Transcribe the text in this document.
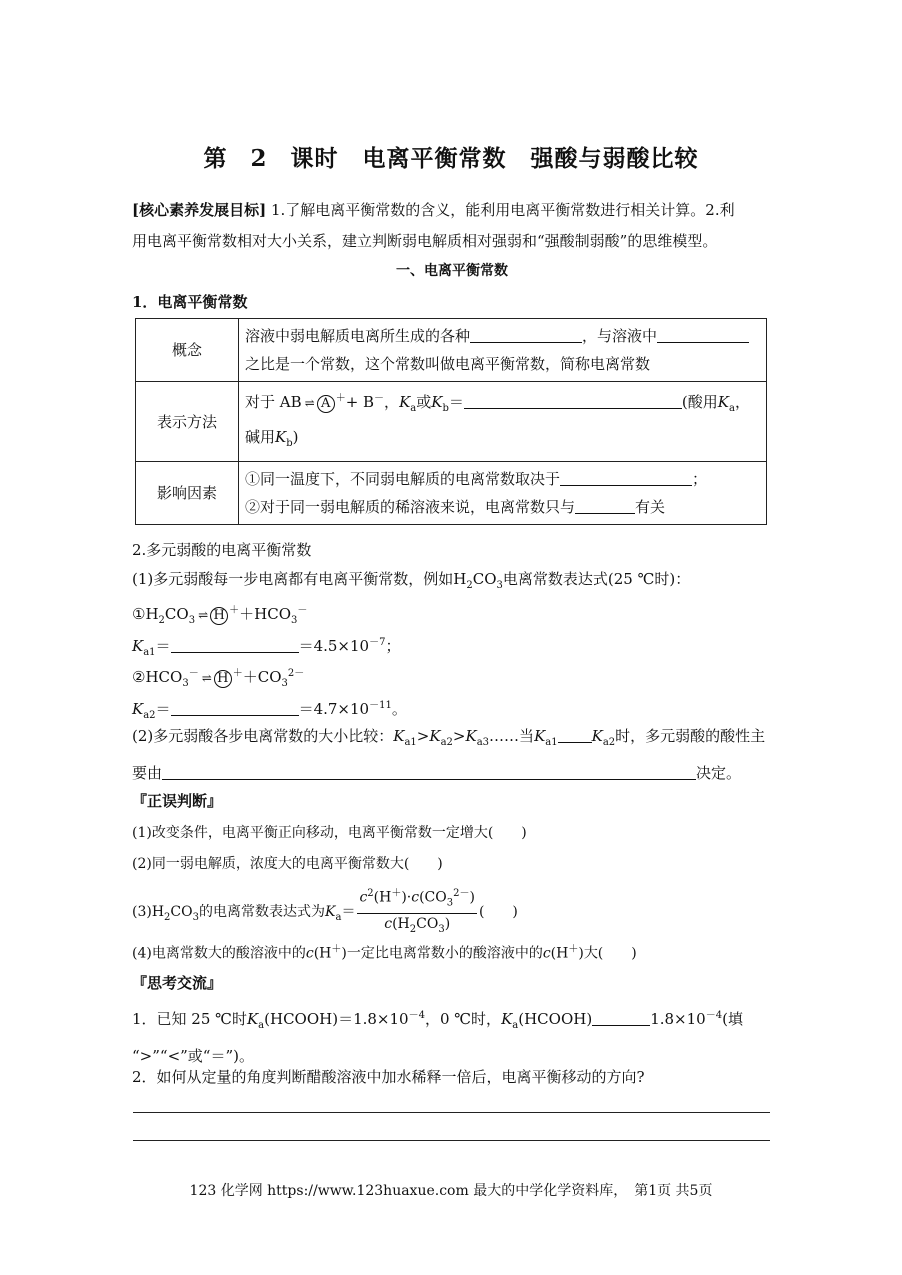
第 2 课时　电离平衡常数　强酸与弱酸比较
[核心素养发展目标] 1.了解电离平衡常数的含义，能利用电离平衡常数进行相关计算。2.利
用电离平衡常数相对大小关系，建立判断弱电解质相对强弱和“强酸制弱酸”的思维模型。
一、电离平衡常数
1．电离平衡常数
概念	溶液中弱电解质电离所生成的各种 ，与溶液中
之比是一个常数，这个常数叫做电离平衡常数，简称电离常数
表示方法	对于 AB ⇌ A ＋+ B－，$K_a$或$K_b=$ (酸用$K_a$，
碱用$K_b$)
影响因素	①同一温度下，不同弱电解质的电离常数取决于 ；
②对于同一弱电解质的稀溶液来说，电离常数只与 有关
2.多元弱酸的电离平衡常数
(1)多元弱酸每一步电离都有电离平衡常数，例如$H_2CO_3$电离常数表达式(25 ℃时)：
$①H_2CO_3$ ⇌ H $^++HCO_3^-$
$K_{a1}=$	$=4.5\times 10^{-7}$；
$②HCO_3^-$ ⇌ H $^++CO_3^{2-}$
$K_{a2}=$	$=4.7\times 10^{-11}$。
(2)多元弱酸各步电离常数的大小比较：$K_{a1}>K_{a2}>K_{a3}\dots\dots$当$K_{a1}$ $K_{a2}$时，多元弱酸的酸性主
要由	决定。
『正误判断』
(1)改变条件，电离平衡正向移动，电离平衡常数一定增大(　　)
(2)同一弱电解质，浓度大的电离平衡常数大(　　)
$(3)H_2CO_3$的电离常数表达式为$K_a= \frac{c^2(H^+)\cdot c(CO_3^{2-})}{c(H_2CO_3)}$ (　　)
(4)电离常数大的酸溶液中的c(H＋)一定比电离常数小的酸溶液中的c(H＋)大(　　)
『思考交流』
1．已知 25 ℃时$K_a(HCOOH)=1.8\times 10^{-4}$，0 ℃时，$K_a(HCOOH)$	$1.8\times 10^{-4}$(填
“>”“<”或“＝”)。
2．如何从定量的角度判断醋酸溶液中加水稀释一倍后，电离平衡移动的方向?
123 化学网 https://www.123huaxue.com 最大的中学化学资料库，　第1页 共5页
